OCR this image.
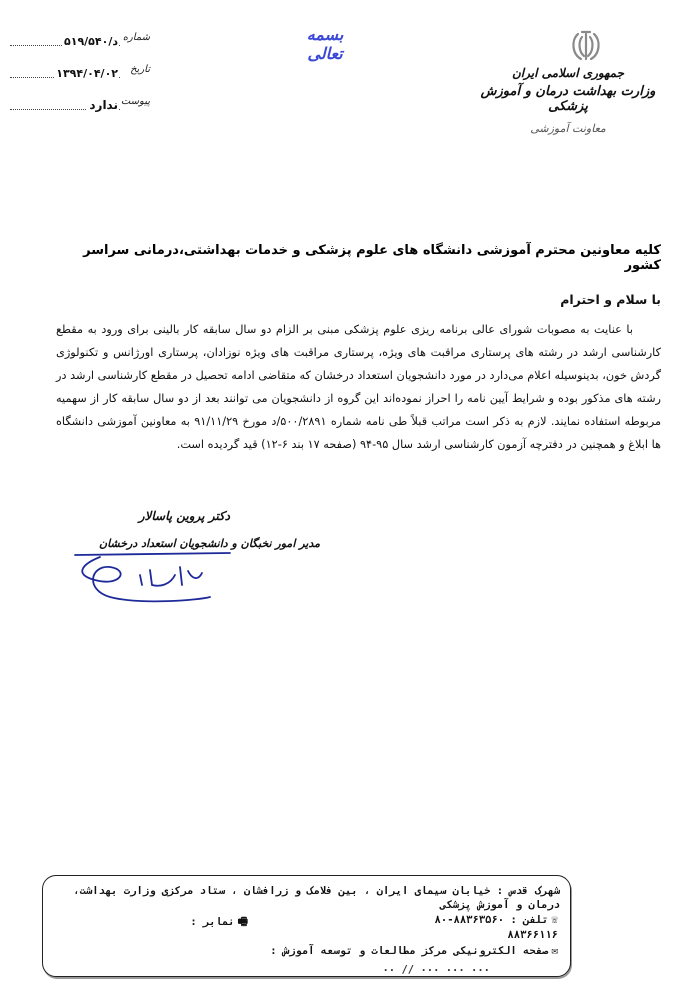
د/۵۱۹/۵۴۰ شماره
۱۳۹۴/۰۴/۰۲	تاریخ
ندارد پیوست
بسمه تعالی
جمهوری اسلامی ایران
وزارت بهداشت درمان و آموزش پزشکی
معاونت آموزشی
کلیه معاونین محترم آموزشی دانشگاه های علوم پزشکی و خدمات بهداشتی،درمانی سراسر کشور
با سلام و احترام

با عنایت به مصوبات شورای عالی برنامه ریزی علوم پزشکی مبنی بر الزام دو سال سابقه کار بالینی برای ورود به مقطع کارشناسی ارشد در رشته های پرستاری مراقبت های ویژه، پرستاری مراقبت های ویژه نوزادان، پرستاری اورژانس و تکنولوژی گردش خون، بدینوسیله اعلام می‌دارد در مورد دانشجویان استعداد درخشان که متقاضی ادامه تحصیل در مقطع کارشناسی ارشد در رشته های مذکور بوده و شرایط آیین نامه را احراز نموده‌اند این گروه از دانشجویان می توانند بعد از دو سال سابقه کار از سهمیه مربوطه استفاده نمایند. لازم به ذکر است مراتب قبلاً طی نامه شماره ۵۰۰/۲۸۹۱/د مورخ ۹۱/۱۱/۲۹ به معاونین آموزشی دانشگاه ها ابلاغ و همچنین در دفترچه آزمون کارشناسی ارشد سال ۹۵-۹۴ (صفحه ۱۷ بند ۶-۱۲) قید گردیده است.

دکتر پروین پاسالار
مدیر امور نخبگان و دانشجویان استعداد درخشان
شهرک قدس : خیابان سیمای ایران ، بین فلامک و زرافشان ، ستاد مرکزی وزارت بهداشت، درمان و آموزش پزشکی
☏تلفن : ۸۸۳۶۳۵۶۰-۸۰
🖷نمابر :
۸۸۳۶۶۱۱۶
✉صفحه الکترونیکی مرکز مطالعات و توسعه آموزش :
۰۰۰ ۰۰۰ ۰۰۰ // ۰۰
